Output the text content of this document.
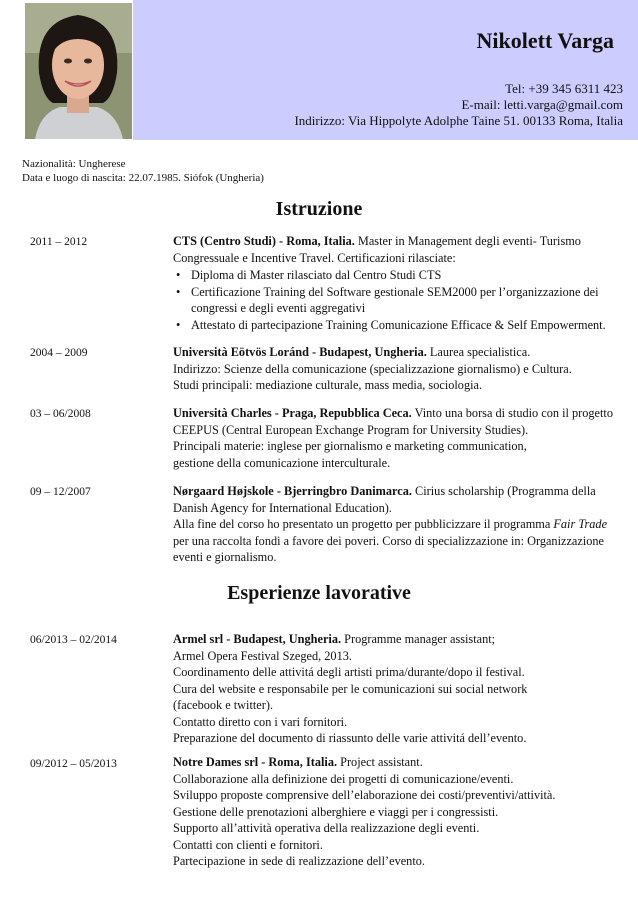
Nikolett Varga
Tel: +39 345 6311 423
E-mail: letti.varga@gmail.com
Indirizzo: Via Hippolyte Adolphe Taine 51. 00133 Roma, Italia
Nazionalità: Ungherese
Data e luogo di nascita: 22.07.1985. Siófok (Ungheria)
Istruzione
2011 – 2012	CTS (Centro Studi) - Roma, Italia. Master in Management degli eventi- Turismo Congressuale e Incentive Travel. Certificazioni rilasciate:
• Diploma di Master rilasciato dal Centro Studi CTS
• Certificazione Training del Software gestionale SEM2000 per l’organizzazione dei congressi e degli eventi aggregativi
• Attestato di partecipazione Training Comunicazione Efficace & Self Empowerment.
2004 – 2009	Università Eötvös Loránd - Budapest, Ungheria. Laurea specialistica.
Indirizzo: Scienze della comunicazione (specializzazione giornalismo) e Cultura.
Studi principali: mediazione culturale, mass media, sociologia.
03 – 06/2008	Università Charles - Praga, Repubblica Ceca. Vinto una borsa di studio con il progetto CEEPUS (Central European Exchange Program for University Studies).
Principali materie: inglese per giornalismo e marketing communication,
gestione della comunicazione interculturale.
09 – 12/2007	Nørgaard Højskole - Bjerringbro Danimarca. Cirius scholarship (Programma della Danish Agency for International Education).
Alla fine del corso ho presentato un progetto per pubblicizzare il programma Fair Trade per una raccolta fondi a favore dei poveri. Corso di specializzazione in: Organizzazione eventi e giornalismo.
Esperienze lavorative
06/2013 – 02/2014	Armel srl - Budapest, Ungheria. Programme manager assistant;
Armel Opera Festival Szeged, 2013.
Coordinamento delle attivitá degli artisti prima/durante/dopo il festival.
Cura del website e responsabile per le comunicazioni sui social network
(facebook e twitter).
Contatto diretto con i vari fornitori.
Preparazione del documento di riassunto delle varie attivitá dell’evento.
09/2012 – 05/2013	Notre Dames srl - Roma, Italia. Project assistant.
Collaborazione alla definizione dei progetti di comunicazione/eventi.
Sviluppo proposte comprensive dell’elaborazione dei costi/preventivi/attività.
Gestione delle prenotazioni alberghiere e viaggi per i congressisti.
Supporto all’attività operativa della realizzazione degli eventi.
Contatti con clienti e fornitori.
Partecipazione in sede di realizzazione dell’evento.
